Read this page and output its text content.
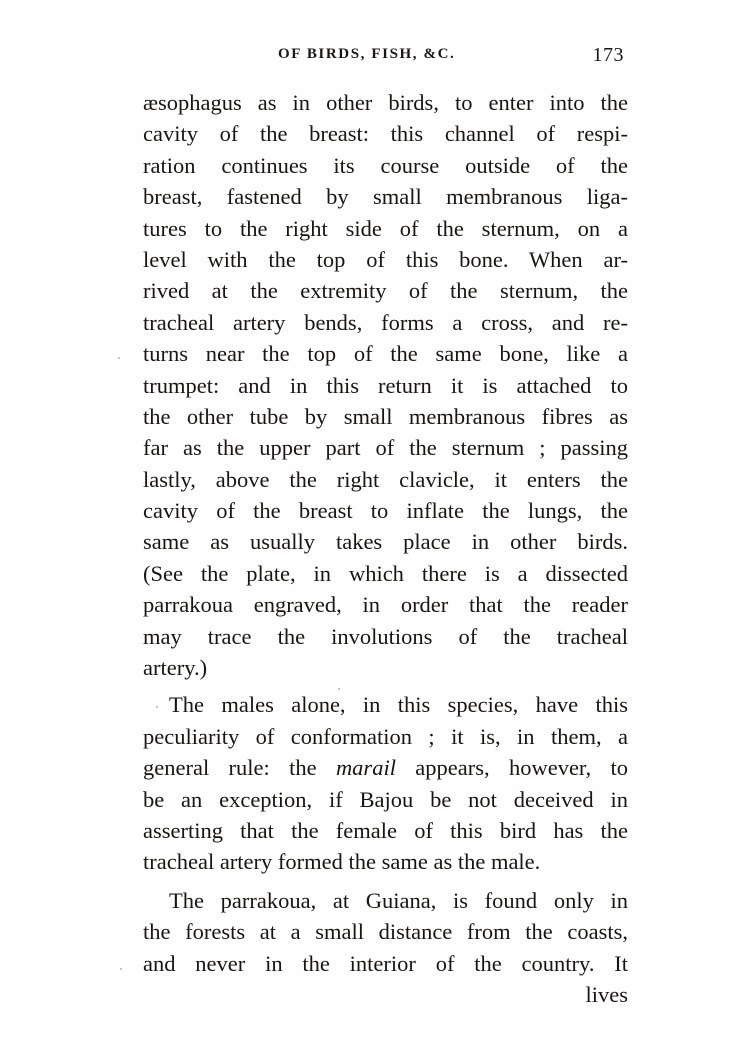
OF BIRDS, FISH, &C.	173
æsophagus as in other birds, to enter into the
cavity of the breast: this channel of respi-
ration continues its course outside of the
breast, fastened by small membranous liga-
tures to the right side of the sternum, on a
level with the top of this bone. When ar-
rived at the extremity of the sternum, the
tracheal artery bends, forms a cross, and re-
turns near the top of the same bone, like a
trumpet: and in this return it is attached to
the other tube by small membranous fibres as
far as the upper part of the sternum ; passing
lastly, above the right clavicle, it enters the
cavity of the breast to inflate the lungs, the
same as usually takes place in other birds.
(See the plate, in which there is a dissected
parrakoua engraved, in order that the reader
may trace the involutions of the tracheal
artery.)
The males alone, in this species, have this
peculiarity of conformation ; it is, in them, a
general rule: the marail appears, however, to
be an exception, if Bajou be not deceived in
asserting that the female of this bird has the
tracheal artery formed the same as the male.
The parrakoua, at Guiana, is found only in
the forests at a small distance from the coasts,
and never in the interior of the country. It
lives
